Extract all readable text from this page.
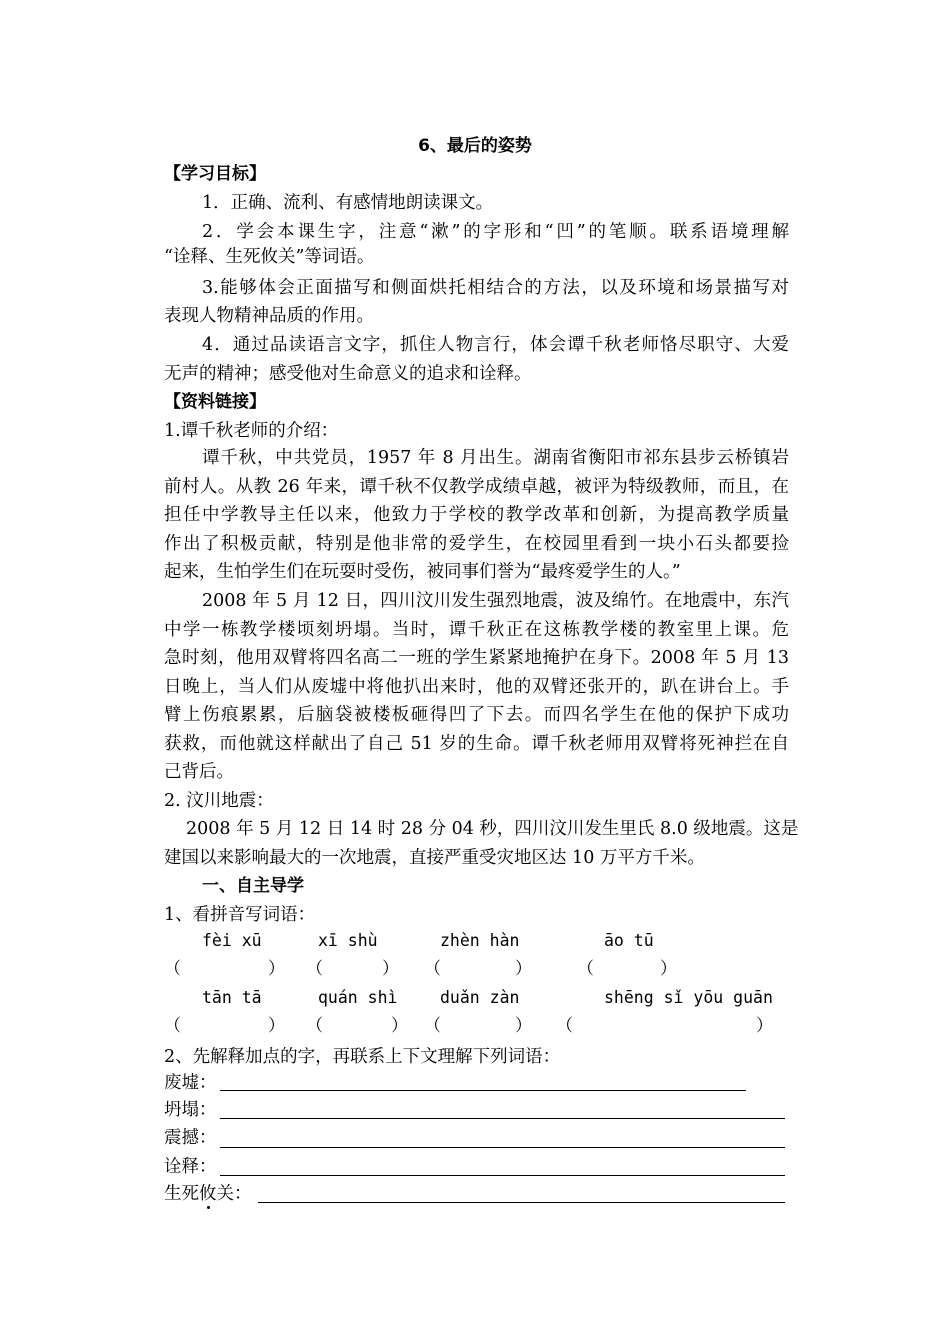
6、最后的姿势
【学习目标】
1．正确、流利、有感情地朗读课文。
2．学会本课生字，注意“漱”的字形和“凹”的笔顺。联系语境理解
“诠释、生死攸关”等词语。
3.能够体会正面描写和侧面烘托相结合的方法，以及环境和场景描写对
表现人物精神品质的作用。
4．通过品读语言文字，抓住人物言行，体会谭千秋老师恪尽职守、大爱
无声的精神；感受他对生命意义的追求和诠释。
【资料链接】
1.谭千秋老师的介绍：
谭千秋，中共党员，1957 年 8 月出生。湖南省衡阳市祁东县步云桥镇岩
前村人。从教 26 年来，谭千秋不仅教学成绩卓越，被评为特级教师，而且，在
担任中学教导主任以来，他致力于学校的教学改革和创新，为提高教学质量
作出了积极贡献，特别是他非常的爱学生，在校园里看到一块小石头都要捡
起来，生怕学生们在玩耍时受伤，被同事们誉为“最疼爱学生的人。”
2008 年 5 月 12 日，四川汶川发生强烈地震，波及绵竹。在地震中，东汽
中学一栋教学楼顷刻坍塌。当时，谭千秋正在这栋教学楼的教室里上课。危
急时刻，他用双臂将四名高二一班的学生紧紧地掩护在身下。2008 年 5 月 13
日晚上，当人们从废墟中将他扒出来时，他的双臂还张开的，趴在讲台上。手
臂上伤痕累累，后脑袋被楼板砸得凹了下去。而四名学生在他的保护下成功
获救，而他就这样献出了自己 51 岁的生命。谭千秋老师用双臂将死神拦在自
己背后。
2. 汶川地震：
2008 年 5 月 12 日 14 时 28 分 04 秒，四川汶川发生里氏 8.0 级地震。这是
建国以来影响最大的一次地震，直接严重受灾地区达 10 万平方千米。
一、自主导学
1、看拼音写词语：
fèi xū	xī shù	zhèn hàn	āo tū
（	） （	） （	）	（	）
tān tā	quán shì	duǎn zàn	shēng sǐ yōu guān
（	） （	） （	） （	）
2、先解释加点的字，再联系上下文理解下列词语：
废墟：
坍塌：
震撼：
诠释：
生死攸关：
